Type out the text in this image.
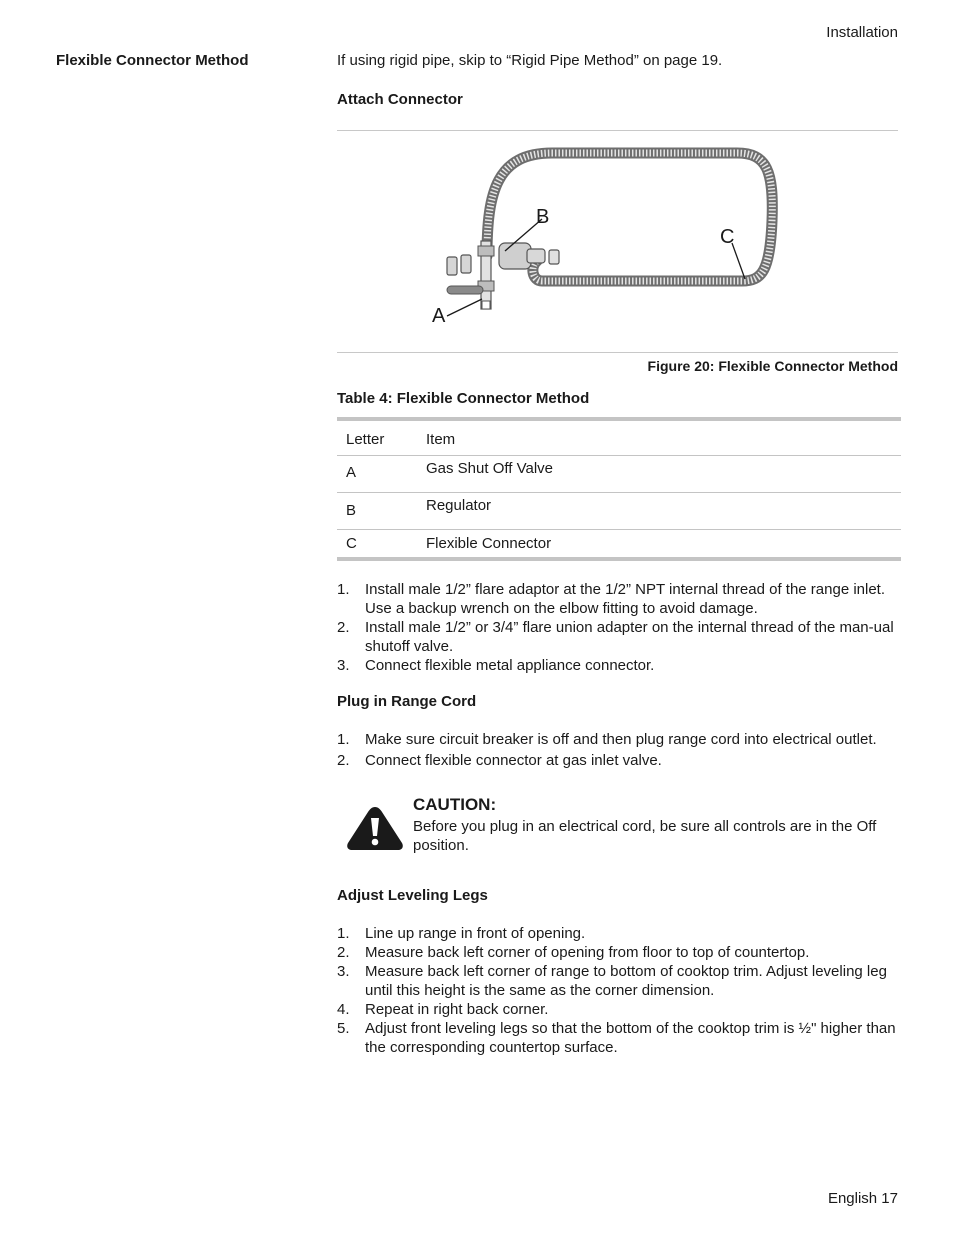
Installation
Flexible Connector Method	If using rigid pipe, skip to “Rigid Pipe Method” on page 19.
Attach Connector
B
C
A
Figure 20: Flexible Connector Method
Table 4: Flexible Connector Method
Letter	Item
A	Gas Shut Off Valve
B	Regulator
C	Flexible Connector
1. Install male 1/2” flare adaptor at the 1/2” NPT internal thread of the range inlet. Use a backup wrench on the elbow fitting to avoid damage.
2. Install male 1/2” or 3/4” flare union adapter on the internal thread of the man-ual shutoff valve.
3. Connect flexible metal appliance connector.
Plug in Range Cord
1. Make sure circuit breaker is off and then plug range cord into electrical outlet.
2. Connect flexible connector at gas inlet valve.
CAUTION:
Before you plug in an electrical cord, be sure all controls are in the Off position.
Adjust Leveling Legs
1. Line up range in front of opening.
2. Measure back left corner of opening from floor to top of countertop.
3. Measure back left corner of range to bottom of cooktop trim. Adjust leveling leg until this height is the same as the corner dimension.
4. Repeat in right back corner.
5. Adjust front leveling legs so that the bottom of the cooktop trim is ½" higher than the corresponding countertop surface.
English 17
